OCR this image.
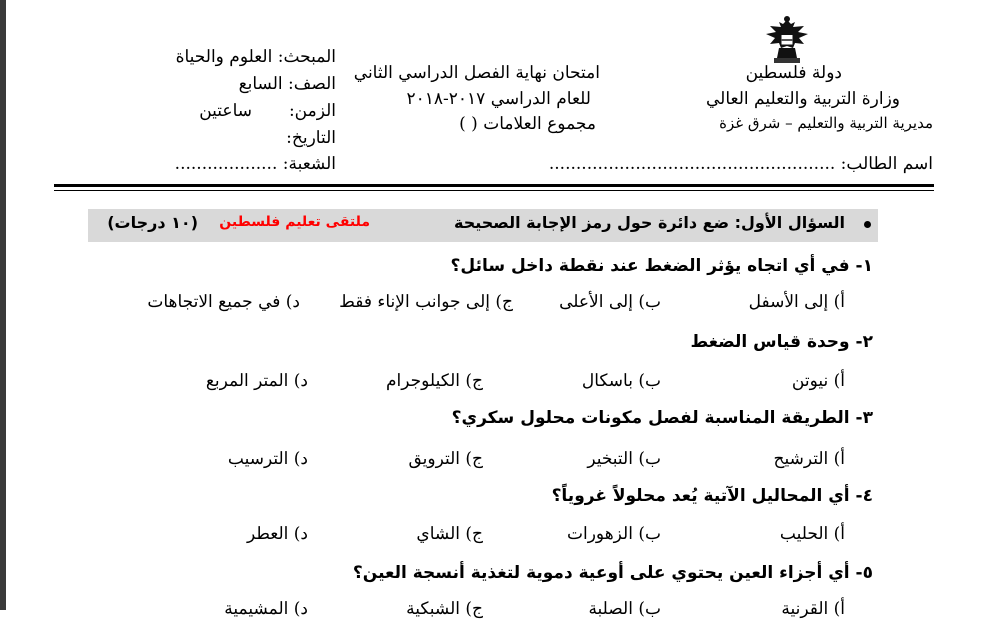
دولة فلسطين
وزارة التربية والتعليم العالي
مديرية التربية والتعليم – شرق غزة
امتحان نهاية الفصل الدراسي الثاني
للعام الدراسي ٢٠١٧-٢٠١٨
مجموع العلامات ( )
المبحث: العلوم والحياة
الصف: السابع
الزمن:
ساعتين
التاريخ:
الشعبة: ...................	اسم الطالب: .....................................................
السؤال الأول: ضع دائرة حول رمز الإجابة الصحيحة
ملتقى تعليم فلسطين
(١٠ درجات)
١- في أي اتجاه يؤثر الضغط عند نقطة داخل سائل؟
أ) إلى الأسفل
ب) إلى الأعلى
ج) إلى جوانب الإناء فقط
د) في جميع الاتجاهات
٢- وحدة قياس الضغط
أ) نيوتن
ب) باسكال
ج) الكيلوجرام
د) المتر المربع
٣- الطريقة المناسبة لفصل مكونات محلول سكري؟
أ) الترشيح
ب) التبخير
ج) الترويق
د) الترسيب
٤- أي المحاليل الآتية يُعد محلولاً غروياً؟
أ) الحليب
ب) الزهورات
ج) الشاي
د) العطر
٥- أي أجزاء العين يحتوي على أوعية دموية لتغذية أنسجة العين؟
أ) القرنية
ب) الصلبة
ج) الشبكية
د) المشيمية
